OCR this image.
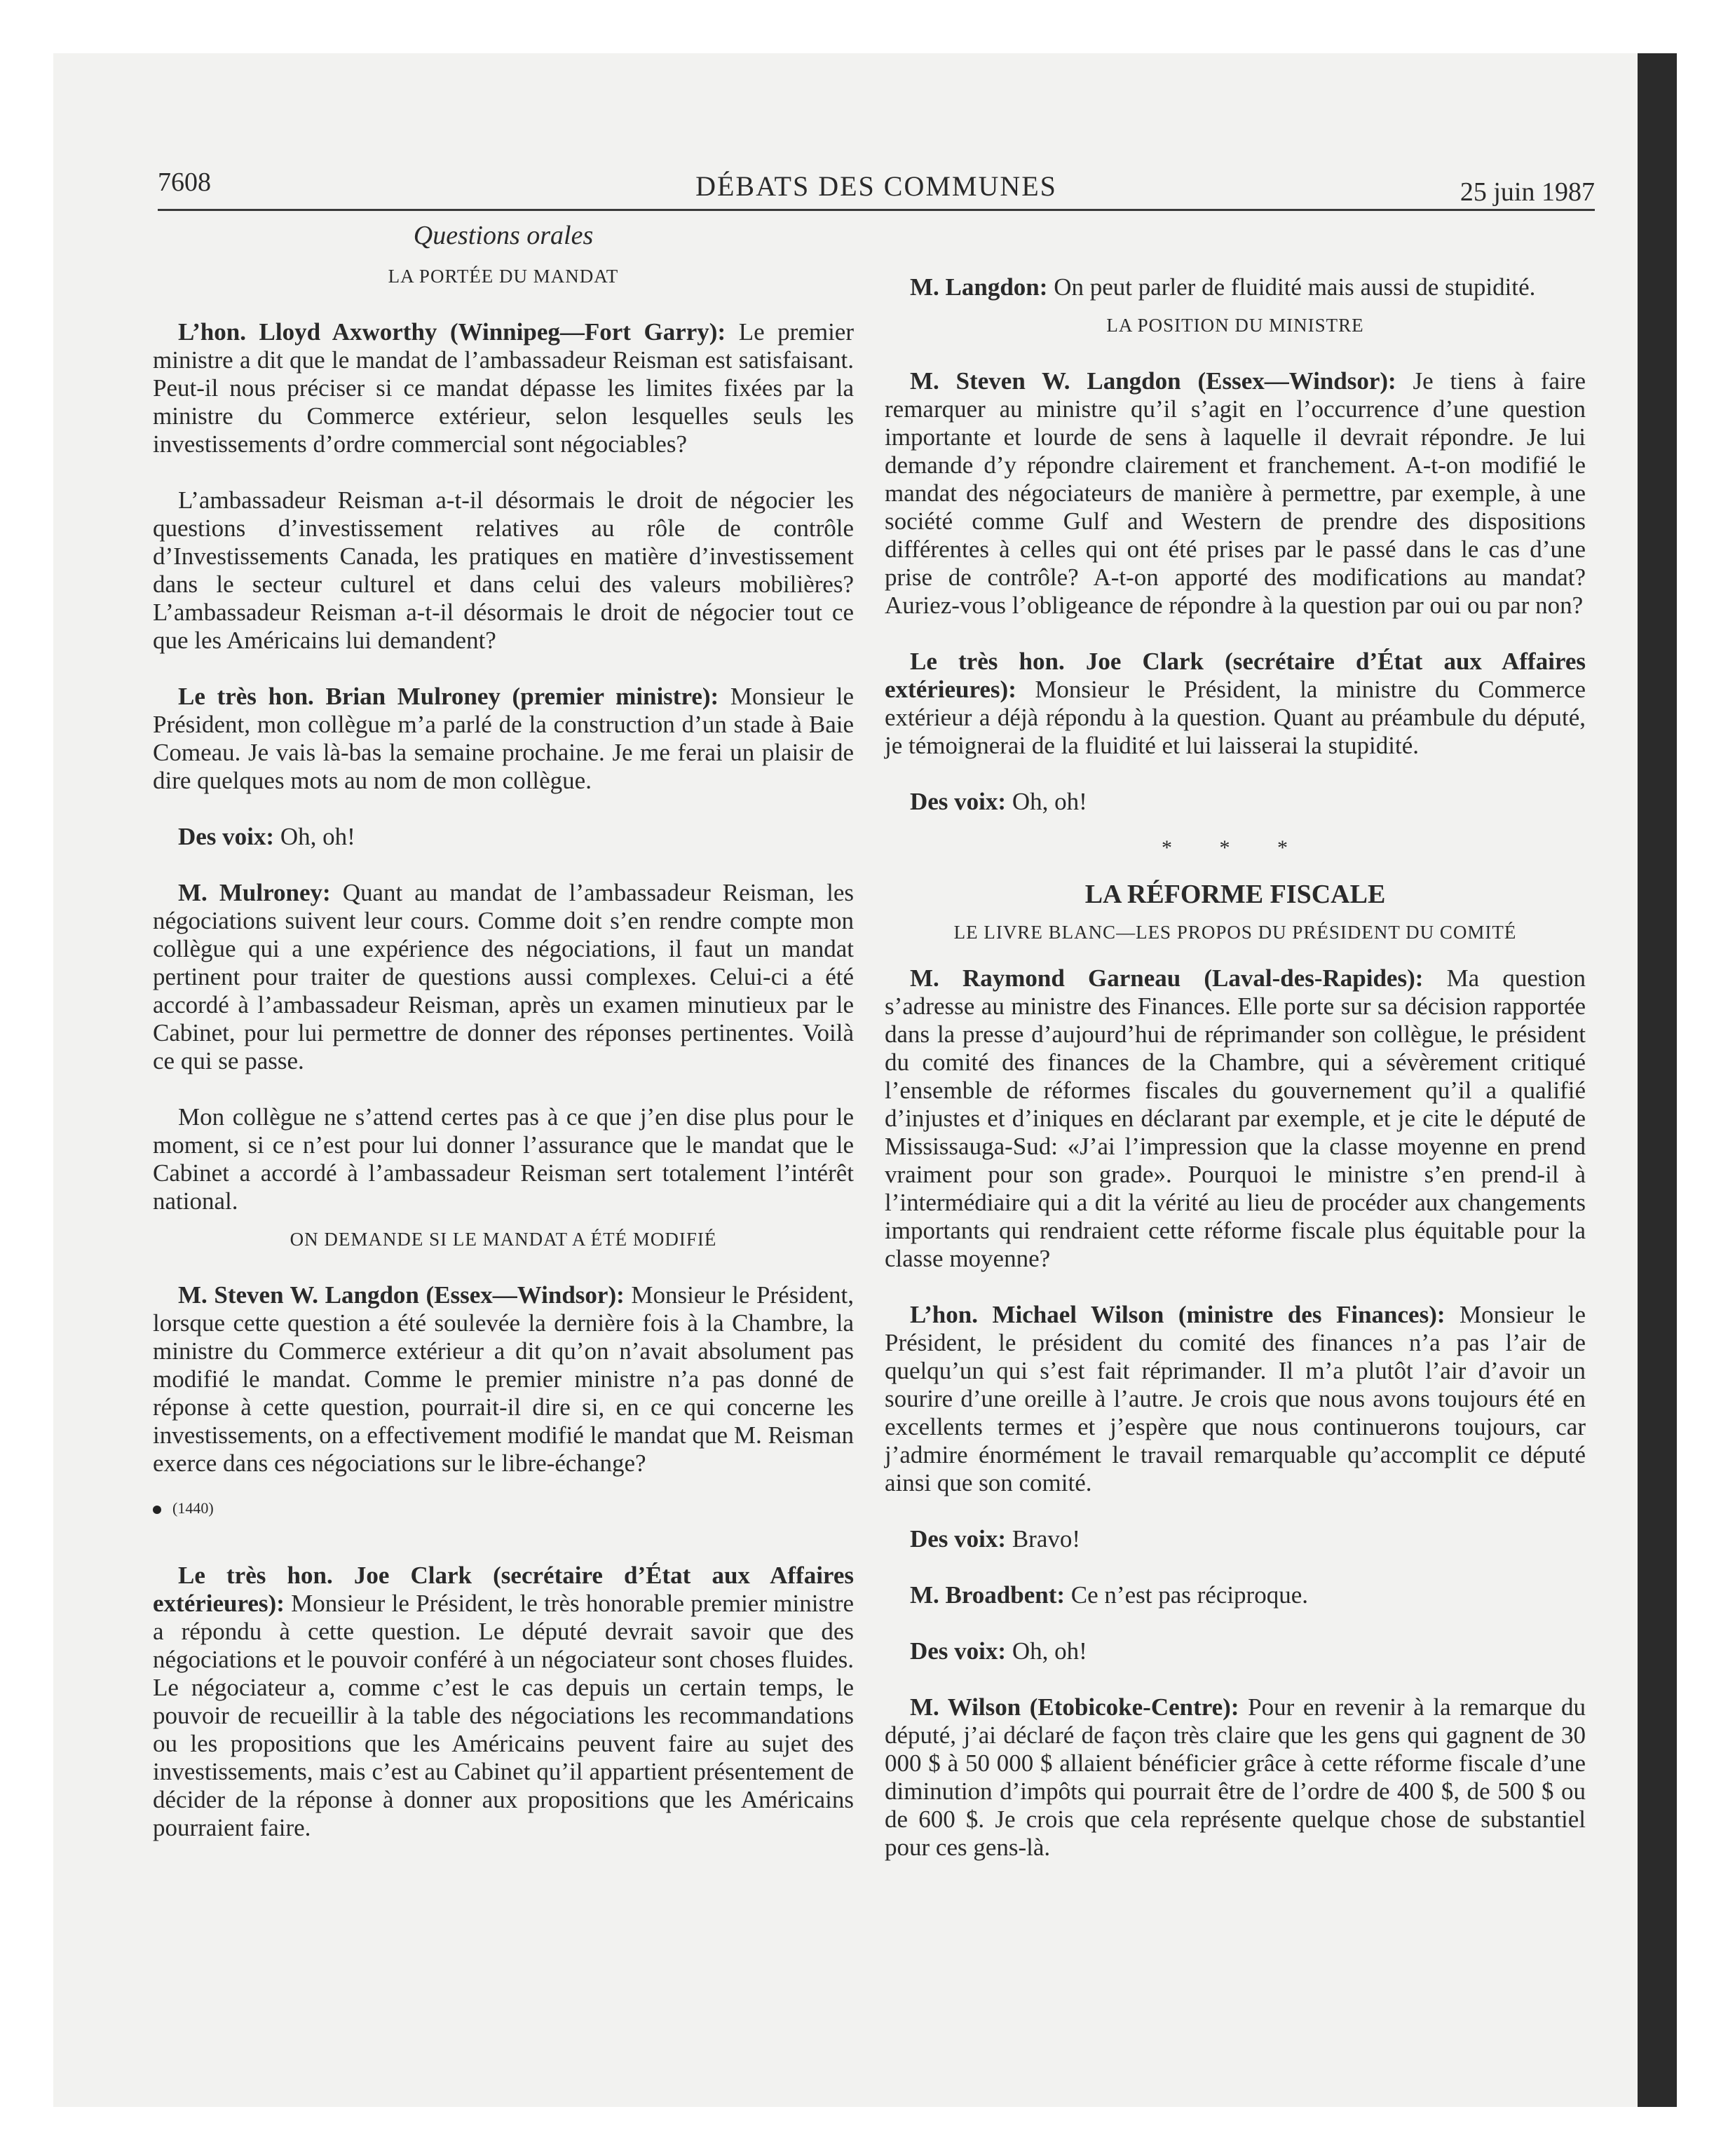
7608	DÉBATS DES COMMUNES	25 juin 1987
Questions orales
LA PORTÉE DU MANDAT

L’hon. Lloyd Axworthy (Winnipeg—Fort Garry): Le premier ministre a dit que le mandat de l’ambassadeur Reisman est satisfaisant. Peut-il nous préciser si ce mandat dépasse les limites fixées par la ministre du Commerce extérieur, selon lesquelles seuls les investissements d’ordre commercial sont négociables?

L’ambassadeur Reisman a-t-il désormais le droit de négocier les questions d’investissement relatives au rôle de contrôle d’Investissements Canada, les pratiques en matière d’investissement dans le secteur culturel et dans celui des valeurs mobilières? L’ambassadeur Reisman a-t-il désormais le droit de négocier tout ce que les Américains lui demandent?

Le très hon. Brian Mulroney (premier ministre): Monsieur le Président, mon collègue m’a parlé de la construction d’un stade à Baie Comeau. Je vais là-bas la semaine prochaine. Je me ferai un plaisir de dire quelques mots au nom de mon collègue.

Des voix: Oh, oh!

M. Mulroney: Quant au mandat de l’ambassadeur Reisman, les négociations suivent leur cours. Comme doit s’en rendre compte mon collègue qui a une expérience des négociations, il faut un mandat pertinent pour traiter de questions aussi complexes. Celui-ci a été accordé à l’ambassadeur Reisman, après un examen minutieux par le Cabinet, pour lui permettre de donner des réponses pertinentes. Voilà ce qui se passe.

Mon collègue ne s’attend certes pas à ce que j’en dise plus pour le moment, si ce n’est pour lui donner l’assurance que le mandat que le Cabinet a accordé à l’ambassadeur Reisman sert totalement l’intérêt national.

ON DEMANDE SI LE MANDAT A ÉTÉ MODIFIÉ

M. Steven W. Langdon (Essex—Windsor): Monsieur le Président, lorsque cette question a été soulevée la dernière fois à la Chambre, la ministre du Commerce extérieur a dit qu’on n’avait absolument pas modifié le mandat. Comme le premier ministre n’a pas donné de réponse à cette question, pourrait-il dire si, en ce qui concerne les investissements, on a effectivement modifié le mandat que M. Reisman exerce dans ces négociations sur le libre-échange?

(1440)

Le très hon. Joe Clark (secrétaire d’État aux Affaires extérieures): Monsieur le Président, le très honorable premier ministre a répondu à cette question. Le député devrait savoir que des négociations et le pouvoir conféré à un négociateur sont choses fluides. Le négociateur a, comme c’est le cas depuis un certain temps, le pouvoir de recueillir à la table des négociations les recommandations ou les propositions que les Américains peuvent faire au sujet des investissements, mais c’est au Cabinet qu’il appartient présentement de décider de la réponse à donner aux propositions que les Américains pourraient faire.

M. Langdon: On peut parler de fluidité mais aussi de stupidité.

LA POSITION DU MINISTRE

M. Steven W. Langdon (Essex—Windsor): Je tiens à faire remarquer au ministre qu’il s’agit en l’occurrence d’une question importante et lourde de sens à laquelle il devrait répondre. Je lui demande d’y répondre clairement et franchement. A-t-on modifié le mandat des négociateurs de manière à permettre, par exemple, à une société comme Gulf and Western de prendre des dispositions différentes à celles qui ont été prises par le passé dans le cas d’une prise de contrôle? A-t-on apporté des modifications au mandat? Auriez-vous l’obligeance de répondre à la question par oui ou par non?

Le très hon. Joe Clark (secrétaire d’État aux Affaires extérieures): Monsieur le Président, la ministre du Commerce extérieur a déjà répondu à la question. Quant au préambule du député, je témoignerai de la fluidité et lui laisserai la stupidité.

Des voix: Oh, oh!

* * *
LA RÉFORME FISCALE
LE LIVRE BLANC—LES PROPOS DU PRÉSIDENT DU COMITÉ

M. Raymond Garneau (Laval-des-Rapides): Ma question s’adresse au ministre des Finances. Elle porte sur sa décision rapportée dans la presse d’aujourd’hui de réprimander son collègue, le président du comité des finances de la Chambre, qui a sévèrement critiqué l’ensemble de réformes fiscales du gouvernement qu’il a qualifié d’injustes et d’iniques en déclarant par exemple, et je cite le député de Mississauga-Sud: «J’ai l’impression que la classe moyenne en prend vraiment pour son grade». Pourquoi le ministre s’en prend-il à l’intermédiaire qui a dit la vérité au lieu de procéder aux changements importants qui rendraient cette réforme fiscale plus équitable pour la classe moyenne?

L’hon. Michael Wilson (ministre des Finances): Monsieur le Président, le président du comité des finances n’a pas l’air de quelqu’un qui s’est fait réprimander. Il m’a plutôt l’air d’avoir un sourire d’une oreille à l’autre. Je crois que nous avons toujours été en excellents termes et j’espère que nous continuerons toujours, car j’admire énormément le travail remarquable qu’accomplit ce député ainsi que son comité.

Des voix: Bravo!

M. Broadbent: Ce n’est pas réciproque.

Des voix: Oh, oh!

M. Wilson (Etobicoke-Centre): Pour en revenir à la remarque du député, j’ai déclaré de façon très claire que les gens qui gagnent de 30 000 $ à 50 000 $ allaient bénéficier grâce à cette réforme fiscale d’une diminution d’impôts qui pourrait être de l’ordre de 400 $, de 500 $ ou de 600 $. Je crois que cela représente quelque chose de substantiel pour ces gens-là.
